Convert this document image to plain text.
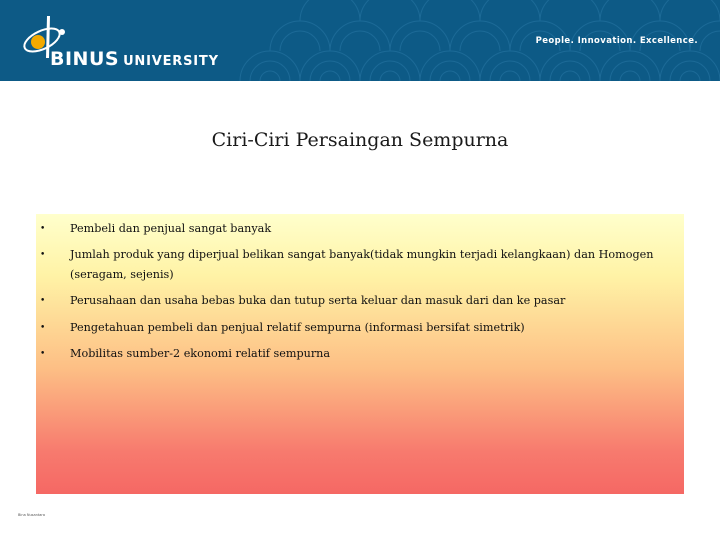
BINUS UNIVERSITY
People. Innovation. Excellence.
Ciri-Ciri Persaingan Sempurna
• Pembeli dan penjual sangat banyak
• Jumlah produk yang diperjual belikan sangat banyak(tidak mungkin terjadi kelangkaan) dan Homogen (seragam, sejenis)
• Perusahaan dan usaha bebas buka dan tutup serta keluar dan masuk dari dan ke pasar
• Pengetahuan pembeli dan penjual relatif sempurna (informasi bersifat simetrik)
• Mobilitas sumber-2 ekonomi relatif sempurna
Bina Nusantara
